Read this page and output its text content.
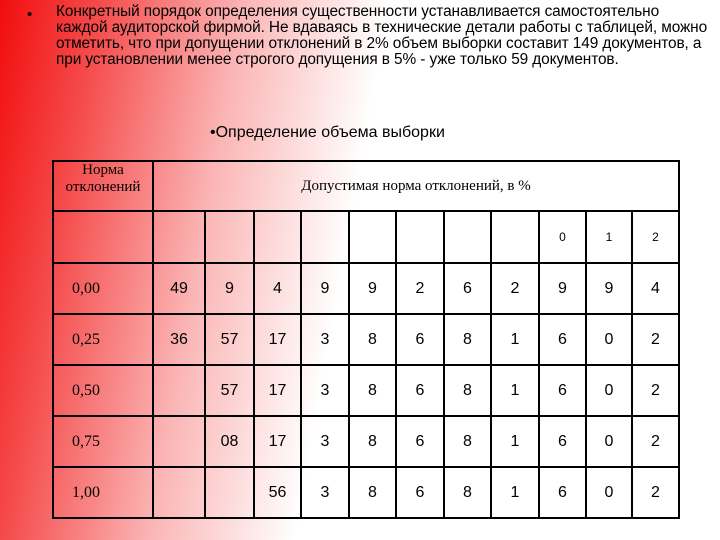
• Конкретный порядок определения существенности устанавливается самостоятельно каждой аудиторской фирмой. Не вдаваясь в технические детали работы с таблицей, можно отметить, что при допущении отклонений в 2% объем выборки составит 149 документов, а при установлении менее строгого допущения в 5% - уже только 59 документов.

•Определение объема выборки
Норма отклонений	Допустимая норма отклонений, в %										
									0	1	2
0,00	49	9	4	9	9	2	6	2	9	9	4
0,25	36	57	17	3	8	6	8	1	6	0	2
0,50		57	17	3	8	6	8	1	6	0	2
0,75		08	17	3	8	6	8	1	6	0	2
1,00			56	3	8	6	8	1	6	0	2
